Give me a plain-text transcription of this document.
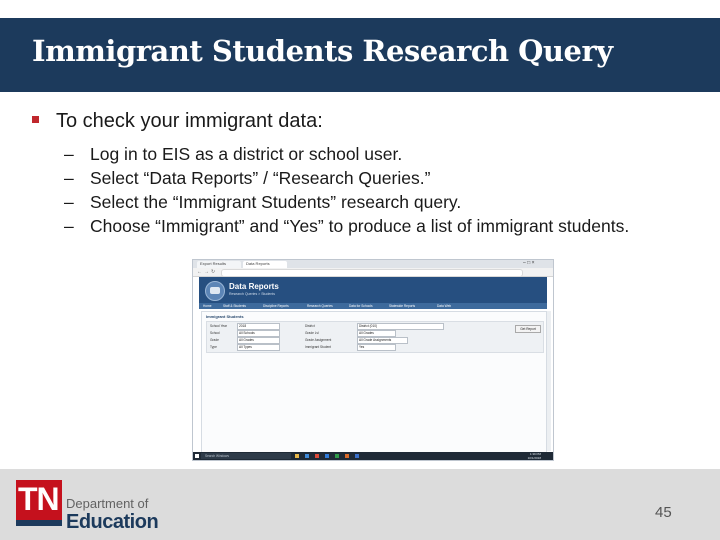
Immigrant Students Research Query
To check your immigrant data:
– Log in to EIS as a district or school user.
– Select “Data Reports” / “Research Queries.”
– Select the “Immigrant Students” research query.
– Choose “Immigrant” and “Yes” to produce a list of immigrant students.
Export Results	Data Reports	– □ ×
← → ↻
Data Reports
Research Queries > Students
Home	Staff & Students	Discipline Reports	Research Queries	Data for Schools	Statewide Reports	Data Web
Immigrant Students
School Year	2018	District	District (010)
School	All Schools	Grade Lvl	All Grades
Grade	All Grades	Grade Assignment	All Grade Assignments
Type	All Types	Immigrant Student	Yes
Get Report
Search Windows	1:39 PM
10/1/2018
TN Department of
Education	45
